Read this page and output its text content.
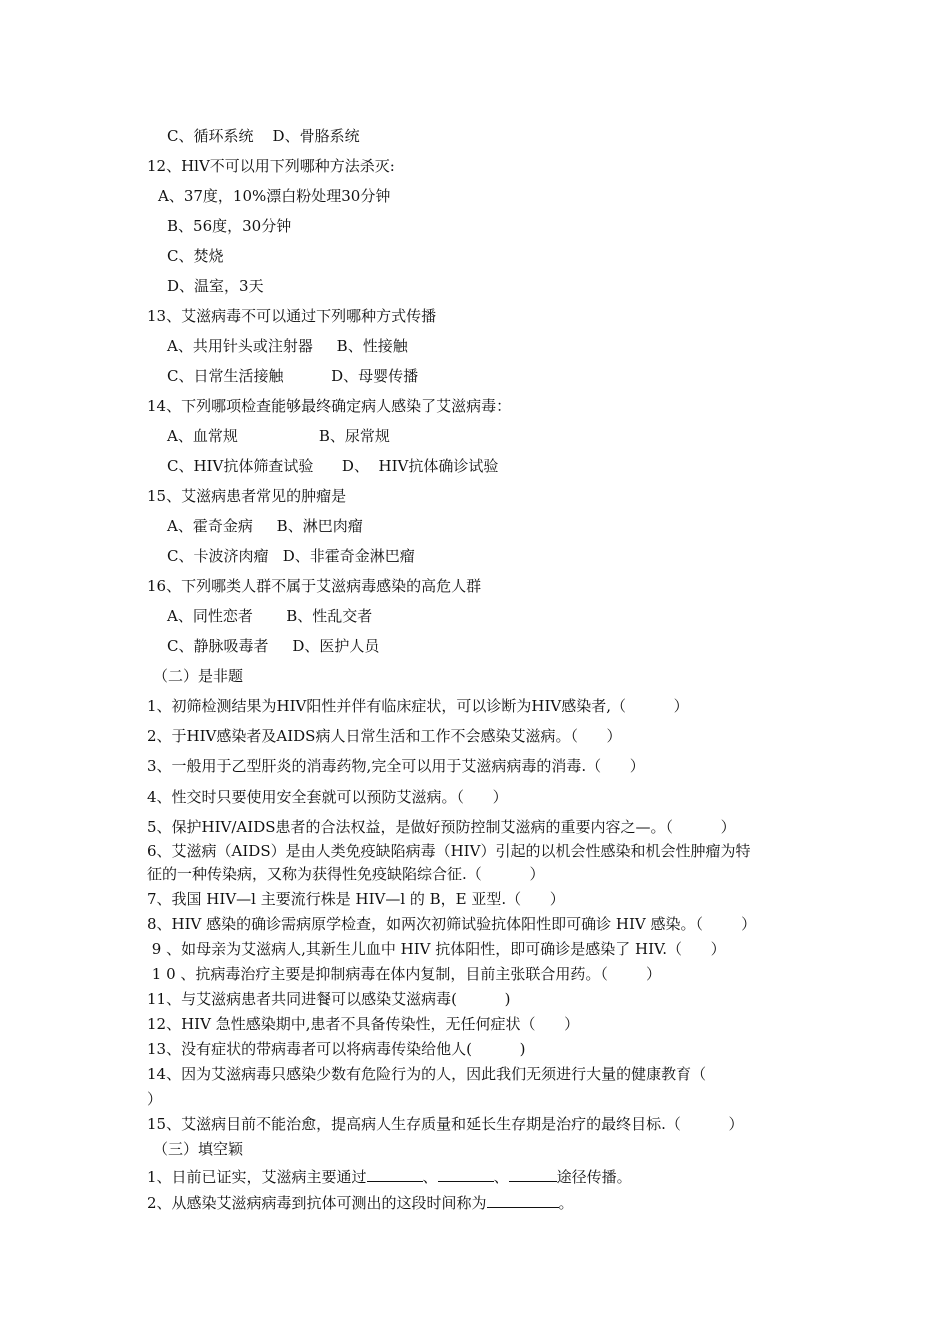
C、循环系统    D、骨胳系统
12、HlV不可以用下列哪种方法杀灭:
A、37度，10%漂白粉处理30分钟
B、56度，30分钟
C、焚烧
D、温室，3天
13、艾滋病毒不可以通过下列哪种方式传播
A、共用针头或注射器     B、性接触
C、日常生活接触          D、母婴传播
14、下列哪项检查能够最终确定病人感染了艾滋病毒：
A、血常规                 B、尿常规
C、HIV抗体筛查试验      D、  HIV抗体确诊试验
15、艾滋病患者常见的肿瘤是
A、霍奇金病     B、淋巴肉瘤
C、卡波济肉瘤   D、非霍奇金淋巴瘤
16、下列哪类人群不属于艾滋病毒感染的高危人群
A、同性恋者       B、性乱交者
C、静脉吸毒者     D、医护人员
（二）是非题
1、初筛检测结果为HIV阳性并伴有临床症状，可以诊断为HIV感染者,（          ）
2、于HIV感染者及AIDS病人日常生活和工作不会感染艾滋病。（      ）
3、一般用于乙型肝炎的消毒药物,完全可以用于艾滋病病毒的消毒.（      ）
4、性交时只要使用安全套就可以预防艾滋病。（      ）
5、保护HIV/AIDS患者的合法权益，是做好预防控制艾滋病的重要内容之—。（          ）
6、艾滋病（AIDS）是由人类免疫缺陷病毒（HIV）引起的以机会性感染和机会性肿瘤为特
征的一种传染病，又称为获得性免疫缺陷综合征.（          ）
7、我国 HIV—l 主要流行株是 HIV—l 的 B，E 亚型.（      ）
8、HIV 感染的确诊需病原学检查，如两次初筛试验抗体阳性即可确诊 HIV 感染。（        ）
9 、如母亲为艾滋病人,其新生儿血中 HIV 抗体阳性，即可确诊是感染了 HIV.（      ）
1 0 、抗病毒治疗主要是抑制病毒在体内复制，目前主张联合用药。（        ）
11、与艾滋病患者共同进餐可以感染艾滋病毒(          )
12、HIV 急性感染期中,患者不具备传染性，无任何症状（      ）
13、没有症状的带病毒者可以将病毒传染给他人(          )
14、因为艾滋病毒只感染少数有危险行为的人，因此我们无须进行大量的健康教育（
）
15、艾滋病目前不能治愈，提高病人生存质量和延长生存期是治疗的最终目标.（          ）
（三）填空颖
1、日前已证实，艾滋病主要通过	、	、	途径传播。
2、从感染艾滋病病毒到抗体可测出的这段时间称为	。
